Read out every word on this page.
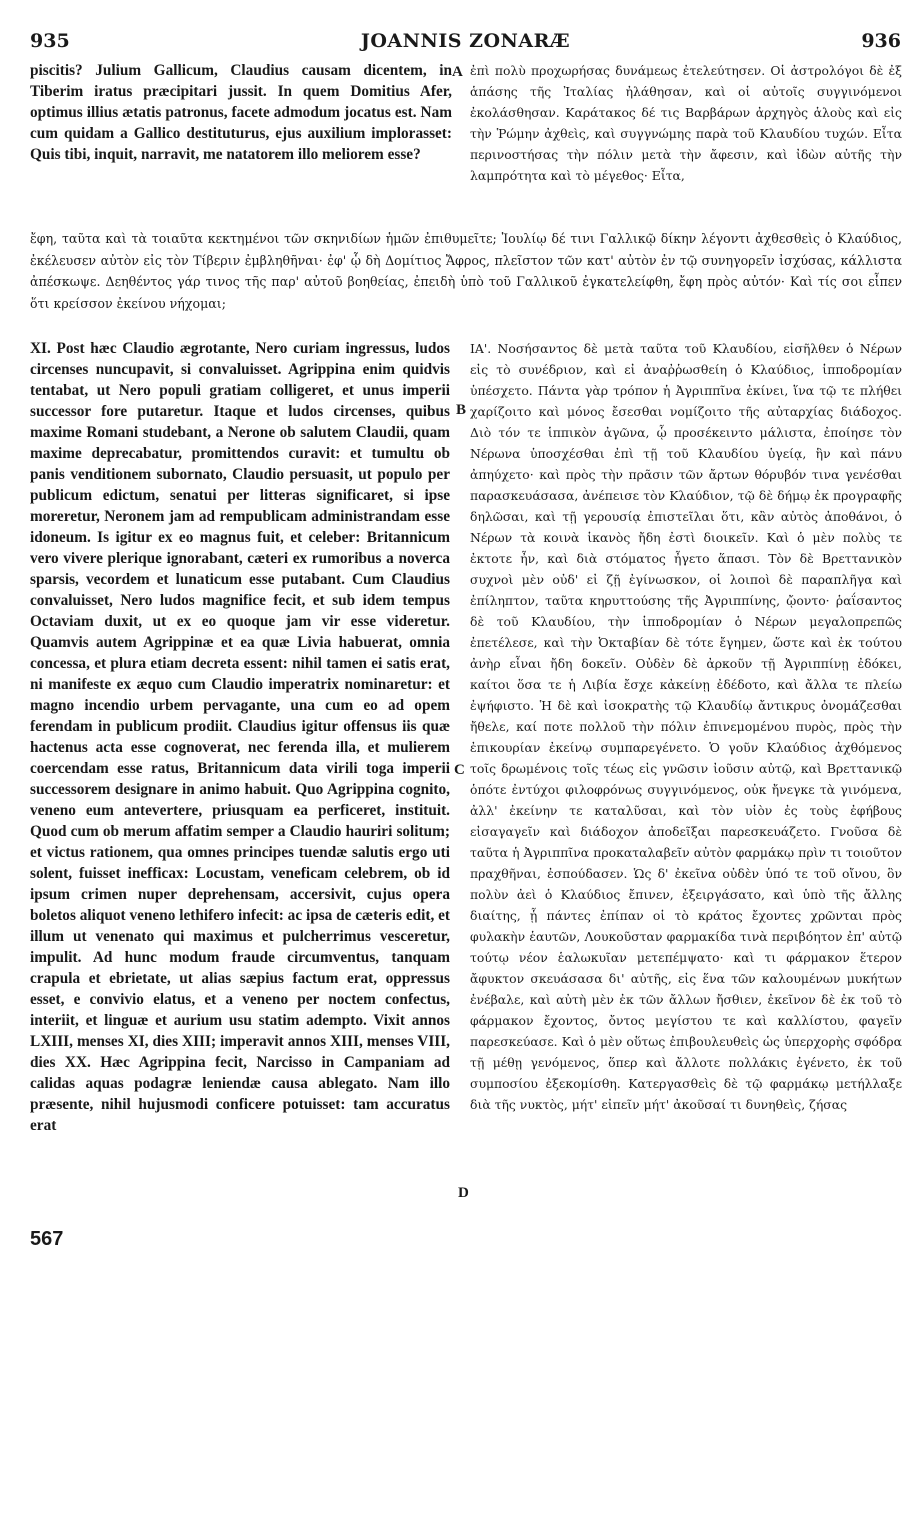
935	JOANNIS ZONARÆ	936

piscitis? Julium Gallicum, Claudius causam dicentem, in Tiberim iratus præcipitari jussit. In quem Domitius Afer, optimus illius ætatis patronus, facete admodum jocatus est. Nam cum quidam a Gallico destituturus, ejus auxilium implorasset: Quis tibi, inquit, narravit, me natatorem illo meliorem esse?

ἐπὶ πολὺ προχωρήσας δυνάμεως ἐτελεύτησεν. Οἱ ἀστρολόγοι δὲ ἐξ ἁπάσης τῆς Ἰταλίας ἠλάθησαν, καὶ οἱ αὐτοῖς συγγινόμενοι ἐκολάσθησαν. Καράτακος δέ τις Βαρβάρων ἀρχηγὸς ἁλοὺς καὶ εἰς τὴν Ῥώμην ἀχθεὶς, καὶ συγγνώμης παρὰ τοῦ Κλαυδίου τυχών. Εἶτα περινοστήσας τὴν πόλιν μετὰ τὴν ἄφεσιν, καὶ ἰδὼν αὐτῆς τὴν λαμπρότητα καὶ τὸ μέγεθος· Εἶτα,

ἔφη, ταῦτα καὶ τὰ τοιαῦτα κεκτημένοι τῶν σκηνιδίων ἡμῶν ἐπιθυμεῖτε; Ἰουλίῳ δέ τινι Γαλλικῷ δίκην λέγοντι ἀχθεσθεὶς ὁ Κλαύδιος, ἐκέλευσεν αὐτὸν εἰς τὸν Τίβεριν ἐμβληθῆναι· ἐφ' ᾧ δὴ Δομίτιος Ἄφρος, πλεῖστον τῶν κατ' αὐτὸν ἐν τῷ συνηγορεῖν ἰσχύσας, κάλλιστα ἀπέσκωψε. Δεηθέντος γάρ τινος τῆς παρ' αὐτοῦ βοηθείας, ἐπειδὴ ὑπὸ τοῦ Γαλλικοῦ ἐγκατελείφθη, ἔφη πρὸς αὐτόν· Καὶ τίς σοι εἶπεν ὅτι κρείσσον ἐκείνου νήχομαι;

XI. Post hæc Claudio ægrotante, Nero curiam ingressus, ludos circenses nuncupavit, si convaluisset. Agrippina enim quidvis tentabat, ut Nero populi gratiam colligeret, et unus imperii successor fore putaretur. Itaque et ludos circenses, quibus maxime Romani studebant, a Nerone ob salutem Claudii, quam maxime deprecabatur, promittendos curavit: et tumultu ob panis venditionem subornato, Claudio persuasit, ut populo per publicum edictum, senatui per litteras significaret, si ipse moreretur, Neronem jam ad rempublicam administrandam esse idoneum. Is igitur ex eo magnus fuit, et celeber: Britannicum vero vivere plerique ignorabant, cæteri ex rumoribus a noverca sparsis, vecordem et lunaticum esse putabant. Cum Claudius convaluisset, Nero ludos magnifice fecit, et sub idem tempus Octaviam duxit, ut ex eo quoque jam vir esse videretur. Quamvis autem Agrippinæ et ea quæ Livia habuerat, omnia concessa, et plura etiam decreta essent: nihil tamen ei satis erat, ni manifeste ex æquo cum Claudio imperatrix nominaretur: et magno incendio urbem pervagante, una cum eo ad opem ferendam in publicum prodiit. Claudius igitur offensus iis quæ hactenus acta esse cognoverat, nec ferenda illa, et mulierem coercendam esse ratus, Britannicum data virili toga imperii successorem designare in animo habuit. Quo Agrippina cognito, veneno eum antevertere, priusquam ea perficeret, instituit. Quod cum ob merum affatim semper a Claudio hauriri solitum; et victus rationem, qua omnes principes tuendæ salutis ergo uti solent, fuisset inefficax: Locustam, veneficam celebrem, ob id ipsum crimen nuper deprehensam, accersivit, cujus opera boletos aliquot veneno lethifero infecit: ac ipsa de cæteris edit, et illum ut venenato qui maximus et pulcherrimus vesceretur, impulit. Ad hunc modum fraude circumventus, tanquam crapula et ebrietate, ut alias sæpius factum erat, oppressus esset, e convivio elatus, et a veneno per noctem confectus, interiit, et linguæ et aurium usu statim adempto. Vixit annos LXIII, menses XI, dies XIII; imperavit annos XIII, menses VIII, dies XX. Hæc Agrippina fecit, Narcisso in Campaniam ad calidas aquas podagræ leniendæ causa ablegato. Nam illo præsente, nihil hujusmodi conficere potuisset: tam accuratus erat

ΙΑ'. Νοσήσαντος δὲ μετὰ ταῦτα τοῦ Κλαυδίου, εἰσῆλθεν ὁ Νέρων εἰς τὸ συνέδριον, καὶ εἰ ἀναῤῥωσθείη ὁ Κλαύδιος, ἱπποδρομίαν ὑπέσχετο. Πάντα γὰρ τρόπον ἡ Ἀγριππῖνα ἐκίνει, ἵνα τῷ τε πλήθει χαρίζοιτο καὶ μόνος ἔσεσθαι νομίζοιτο τῆς αὐταρχίας διάδοχος. Διὸ τόν τε ἱππικὸν ἀγῶνα, ᾧ προσέκειντο μάλιστα, ἐποίησε τὸν Νέρωνα ὑποσχέσθαι ἐπὶ τῇ τοῦ Κλαυδίου ὑγείᾳ, ἣν καὶ πάνυ ἀπηύχετο· καὶ πρὸς τὴν πρᾶσιν τῶν ἄρτων θόρυβόν τινα γενέσθαι παρασκευάσασα, ἀνέπεισε τὸν Κλαύδιον, τῷ δὲ δήμῳ ἐκ προγραφῆς δηλῶσαι, καὶ τῇ γερουσίᾳ ἐπιστεῖλαι ὅτι, κἂν αὐτὸς ἀποθάνοι, ὁ Νέρων τὰ κοινὰ ἱκανὸς ἤδη ἐστὶ διοικεῖν. Καὶ ὁ μὲν πολὺς τε ἐκτοτε ἦν, καὶ διὰ στόματος ἦγετο ἅπασι. Τὸν δὲ Βρεττανικὸν συχνοὶ μὲν οὐδ' εἰ ζῇ ἐγίνωσκον, οἱ λοιποὶ δὲ παραπλῆγα καὶ ἐπίληπτον, ταῦτα κηρυττούσης τῆς Ἀγριππίνης, ᾤοντο· ῥαΐσαντος δὲ τοῦ Κλαυδίου, τὴν ἱπποδρομίαν ὁ Νέρων μεγαλοπρεπῶς ἐπετέλεσε, καὶ τὴν Ὀκταβίαν δὲ τότε ἔγημεν, ὥστε καὶ ἐκ τούτου ἀνὴρ εἶναι ἤδη δοκεῖν. Οὐδὲν δὲ ἀρκοῦν τῇ Ἀγριππίνῃ ἐδόκει, καίτοι ὅσα τε ἡ Λιβία ἔσχε κἀκείνῃ ἐδέδοτο, καὶ ἄλλα τε πλείω ἐψήφιστο. Ἡ δὲ καὶ ἰσοκρατὴς τῷ Κλαυδίῳ ἄντικρυς ὀνομάζεσθαι ἤθελε, καί ποτε πολλοῦ τὴν πόλιν ἐπινεμομένου πυρὸς, πρὸς τὴν ἐπικουρίαν ἐκείνῳ συμπαρεγένετο. Ὁ γοῦν Κλαύδιος ἀχθόμενος τοῖς δρωμένοις τοῖς τέως εἰς γνῶσιν ἰοῦσιν αὐτῷ, καὶ Βρεττανικῷ ὁπότε ἐντύχοι φιλοφρόνως συγγινόμενος, οὐκ ἤνεγκε τὰ γινόμενα, ἀλλ' ἐκείνην τε καταλῦσαι, καὶ τὸν υἱὸν ἐς τοὺς ἐφήβους εἰσαγαγεῖν καὶ διάδοχον ἀποδεῖξαι παρεσκευάζετο. Γνοῦσα δὲ ταῦτα ἡ Ἀγριππῖνα προκαταλαβεῖν αὐτὸν φαρμάκῳ πρὶν τι τοιοῦτον πραχθῆναι, ἐσπούδασεν. Ὡς δ' ἐκεῖνα οὐδὲν ὑπό τε τοῦ οἴνου, ὃν πολὺν ἀεὶ ὁ Κλαύδιος ἔπινεν, ἐξειργάσατο, καὶ ὑπὸ τῆς ἄλλης διαίτης, ᾗ πάντες ἐπίπαν οἱ τὸ κράτος ἔχοντες χρῶνται πρὸς φυλακὴν ἑαυτῶν, Λουκοῦσταν φαρμακίδα τινὰ περιβόητον ἐπ' αὐτῷ τούτῳ νέον ἑαλωκυῖαν μετεπέμψατο· καὶ τι φάρμακον ἕτερον ἄφυκτον σκευάσασα δι' αὐτῆς, εἰς ἕνα τῶν καλουμένων μυκήτων ἐνέβαλε, καὶ αὐτὴ μὲν ἐκ τῶν ἄλλων ἤσθιεν, ἐκεῖνον δὲ ἐκ τοῦ τὸ φάρμακον ἔχοντος, ὄντος μεγίστου τε καὶ καλλίστου, φαγεῖν παρεσκεύασε. Καὶ ὁ μὲν οὕτως ἐπιβουλευθεὶς ὡς ὑπερχορὴς σφόδρα τῇ μέθῃ γενόμενος, ὅπερ καὶ ἄλλοτε πολλάκις ἐγένετο, ἐκ τοῦ συμποσίου ἐξεκομίσθη. Κατεργασθεὶς δὲ τῷ φαρμάκῳ μετήλλαξε διὰ τῆς νυκτὸς, μήτ' εἰπεῖν μήτ' ἀκοῦσαί τι δυνηθεὶς, ζήσας

A
B
C
D
567
